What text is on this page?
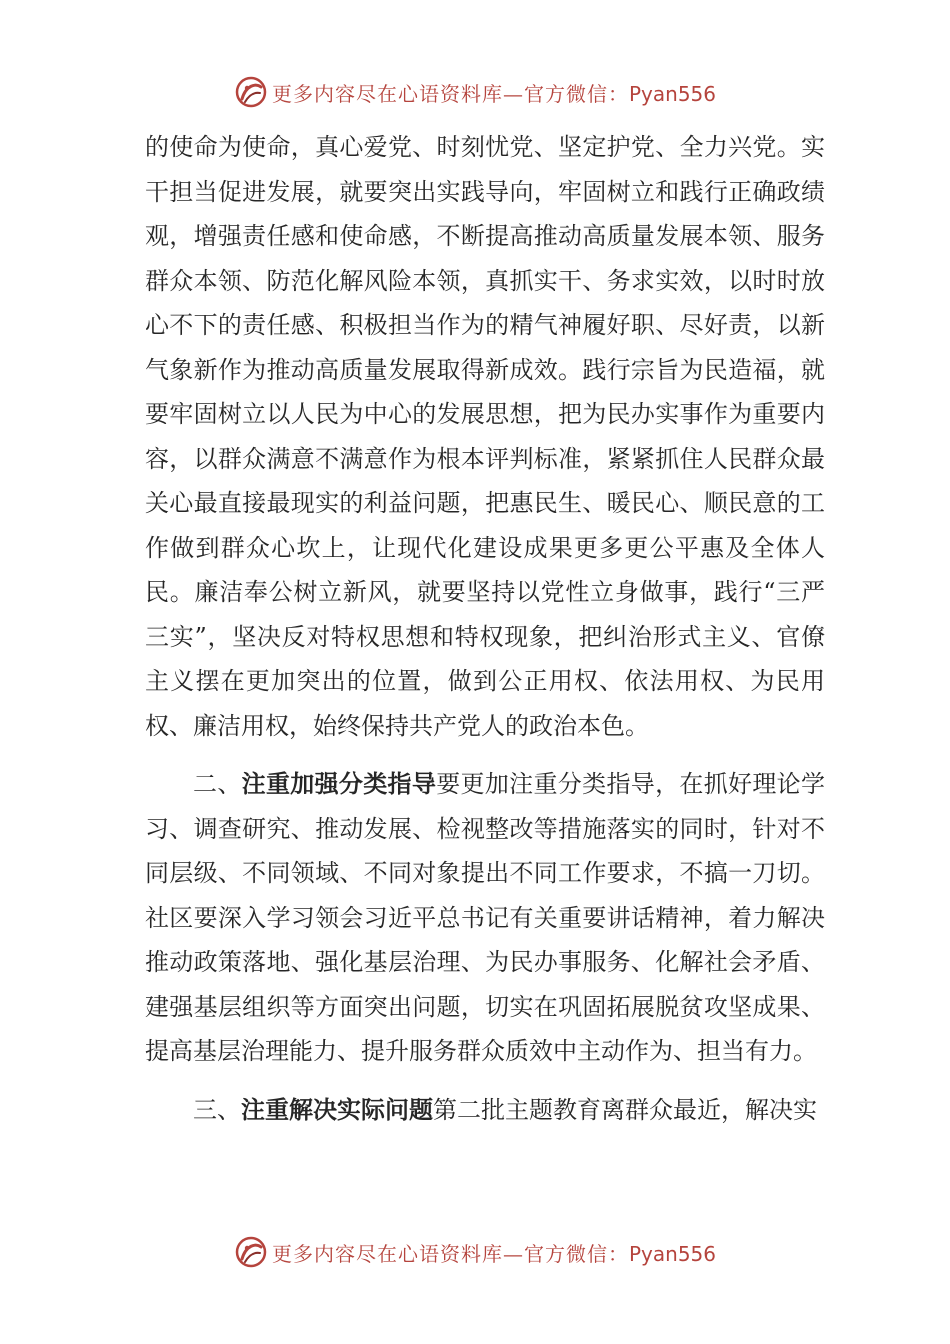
更多内容尽在心语资料库—官方微信：Pyan556

的使命为使命，真心爱党、时刻忧党、坚定护党、全力兴党。实干担当促进发展，就要突出实践导向，牢固树立和践行正确政绩观，增强责任感和使命感，不断提高推动高质量发展本领、服务群众本领、防范化解风险本领，真抓实干、务求实效，以时时放心不下的责任感、积极担当作为的精气神履好职、尽好责，以新气象新作为推动高质量发展取得新成效。践行宗旨为民造福，就要牢固树立以人民为中心的发展思想，把为民办实事作为重要内容，以群众满意不满意作为根本评判标准，紧紧抓住人民群众最关心最直接最现实的利益问题，把惠民生、暖民心、顺民意的工作做到群众心坎上，让现代化建设成果更多更公平惠及全体人民。廉洁奉公树立新风，就要坚持以党性立身做事，践行“三严三实”，坚决反对特权思想和特权现象，把纠治形式主义、官僚主义摆在更加突出的位置，做到公正用权、依法用权、为民用权、廉洁用权，始终保持共产党人的政治本色。

二、注重加强分类指导要更加注重分类指导，在抓好理论学习、调查研究、推动发展、检视整改等措施落实的同时，针对不同层级、不同领域、不同对象提出不同工作要求，不搞一刀切。社区要深入学习领会习近平总书记有关重要讲话精神，着力解决推动政策落地、强化基层治理、为民办事服务、化解社会矛盾、建强基层组织等方面突出问题，切实在巩固拓展脱贫攻坚成果、提高基层治理能力、提升服务群众质效中主动作为、担当有力。

三、注重解决实际问题第二批主题教育离群众最近，解决实

更多内容尽在心语资料库—官方微信：Pyan556
